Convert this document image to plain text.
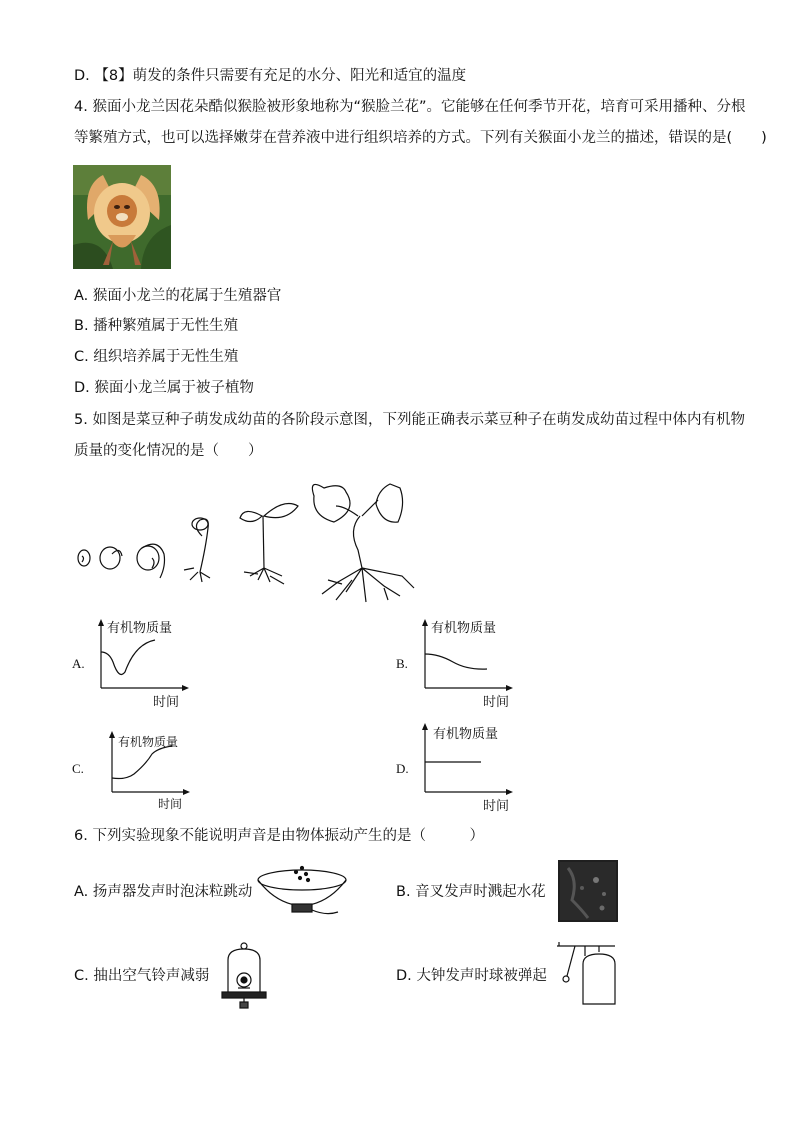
D. 【8】萌发的条件只需要有充足的水分、阳光和适宜的温度
4. 猴面小龙兰因花朵酷似猴脸被形象地称为“猴脸兰花”。它能够在任何季节开花，培育可采用播种、分根
等繁殖方式，也可以选择嫩芽在营养液中进行组织培养的方式。下列有关猴面小龙兰的描述，错误的是(　　)
A. 猴面小龙兰的花属于生殖器官
B. 播种繁殖属于无性生殖
C. 组织培养属于无性生殖
D. 猴面小龙兰属于被子植物
5. 如图是菜豆种子萌发成幼苗的各阶段示意图，下列能正确表示菜豆种子在萌发成幼苗过程中体内有机物
质量的变化情况的是（　　）
A.
有机物质量
时间
B.
有机物质量
时间
C.
有机物质量
时间
D.
有机物质量
时间
6. 下列实验现象不能说明声音是由物体振动产生的是（　　　）
A. 扬声器发声时泡沫粒跳动	B. 音叉发声时溅起水花
C. 抽出空气铃声减弱	D. 大钟发声时球被弹起
